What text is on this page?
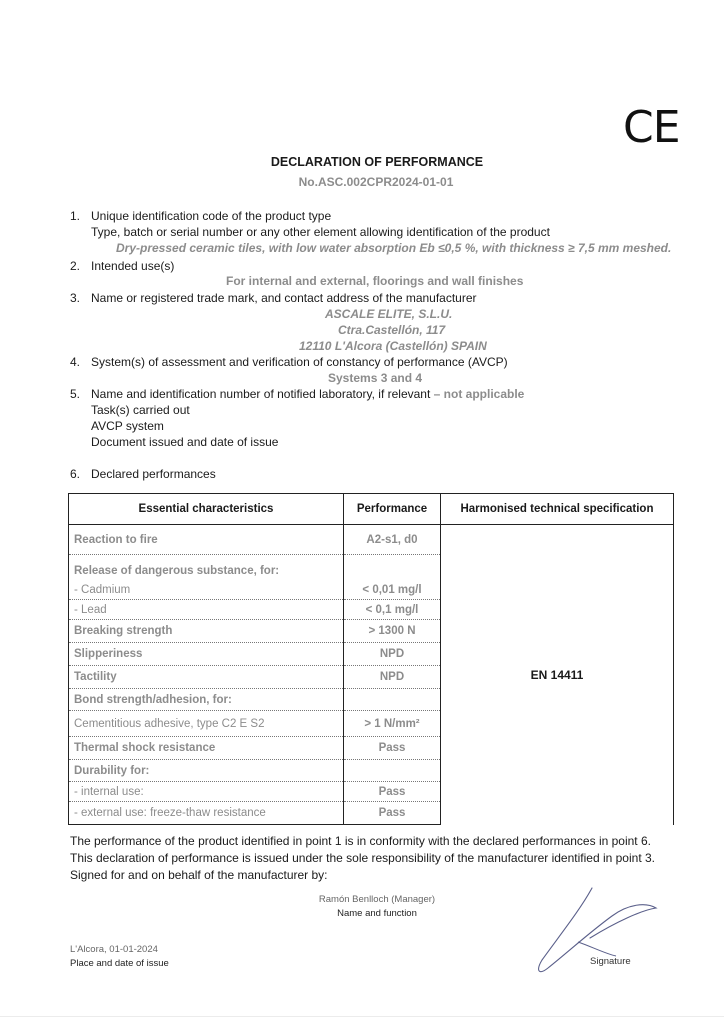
CE
DECLARATION OF PERFORMANCE
No.ASC.002CPR2024-01-01
1. Unique identification code of the product type
Type, batch or serial number or any other element allowing identification of the product
Dry-pressed ceramic tiles, with low water absorption Eb ≤0,5 %, with thickness ≥ 7,5 mm meshed.
2. Intended use(s)
For internal and external, floorings and wall finishes
3. Name or registered trade mark, and contact address of the manufacturer
ASCALE ELITE, S.L.U.
Ctra.Castellón, 117
12110 L'Alcora (Castellón) SPAIN
4. System(s) of assessment and verification of constancy of performance (AVCP)
Systems 3 and 4
5. Name and identification number of notified laboratory, if relevant – not applicable
Task(s) carried out
AVCP system
Document issued and date of issue
6. Declared performances
Essential characteristics	Performance	Harmonised technical specification
Reaction to fire	A2-s1, d0	EN 14411
Release of dangerous substance, for:		
- Cadmium	< 0,01 mg/l	
- Lead	< 0,1 mg/l	
Breaking strength	> 1300 N	
Slipperiness	NPD	
Tactility	NPD	
Bond strength/adhesion, for:		
Cementitious adhesive, type C2 E S2	> 1 N/mm²	
Thermal shock resistance	Pass	
Durability for:		
- internal use:	Pass	
- external use: freeze-thaw resistance	Pass	
The performance of the product identified in point 1 is in conformity with the declared performances in point 6.
This declaration of performance is issued under the sole responsibility of the manufacturer identified in point 3.
Signed for and on behalf of the manufacturer by:
Ramón Benlloch (Manager)
Name and function
L'Alcora, 01-01-2024
Place and date of issue	Signature
